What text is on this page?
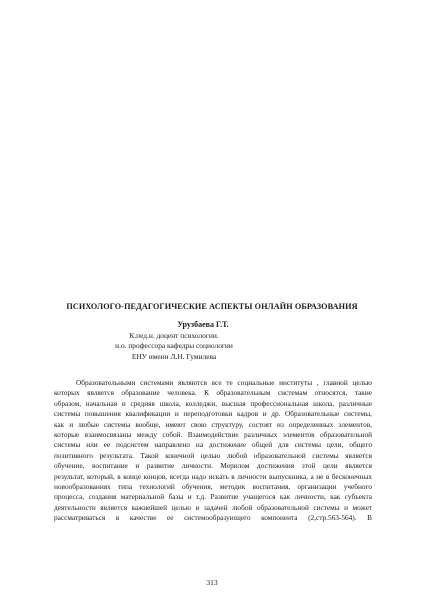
ПСИХОЛОГО-ПЕДАГОГИЧЕСКИЕ АСПЕКТЫ ОНЛАЙН ОБРАЗОВАНИЯ
Урузбаева Г.Т.
К.пед.н. доцент психологии.
и.о. профессора кафедры социологии
ЕНУ имени Л.Н. Гумилева
Образовательными системами являются все те социальные институты , главной целью
которых является образование человека. К образовательным системам относятся, такие
образом, начальная и средняя школа, колледжи, высшая профессиональная школа, различные
системы повышения квалификации и переподготовки кадров и др. Образовательные системы,
как и любые системы вообще, имеют свою структуру, состоят из определенных элементов,
которые взаимосвязаны между собой. Взаимодействие различных элементов образовательной
системы или ее подсистем направлено на достижение общей для системы цели, общего
позитивного результата. Такой конечной целью любой образовательной системы является
обучение, воспитание и развитие личности. Мерилом достижения этой цели является
результат, который, в конце концов, всегда надо искать в личности выпускника, а не в бесконечных
новообразованиях типа технологий обучения, методик воспитания, организации учебного
процесса, создания материальной базы и т.д. Развитие учащегося как личности, как субъекта
деятельности является важнейшей целью и задачей любой образовательной системы и может
рассматриваться в качестве ее системообразующего компонента (2,стр.563-564). В
313
